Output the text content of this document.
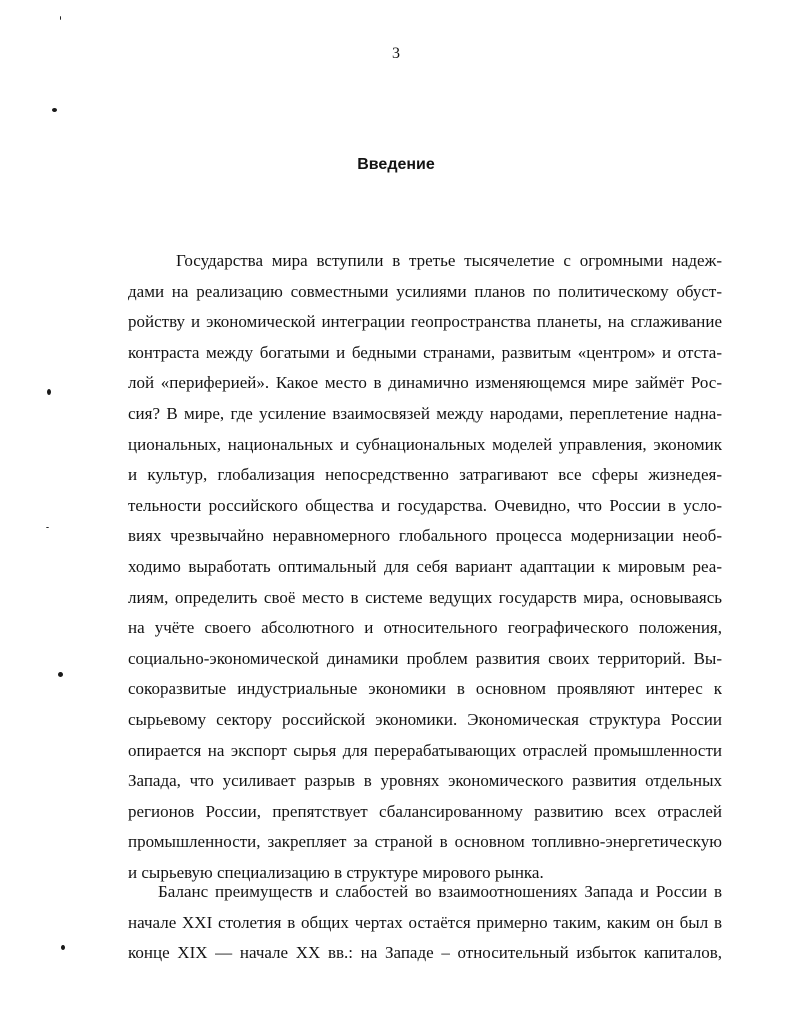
3
Введение
Государства мира вступили в третье тысячелетие с огромными надеж-
дами на реализацию совместными усилиями планов по политическому обуст-
ройству и экономической интеграции геопространства планеты, на сглаживание
контраста между богатыми и бедными странами, развитым «центром» и отста-
лой «периферией». Какое место в динамично изменяющемся мире займёт Рос-
сия? В мире, где усиление взаимосвязей между народами, переплетение надна-
циональных, национальных и субнациональных моделей управления, экономик
и культур, глобализация непосредственно затрагивают все сферы жизнедея-
тельности российского общества и государства. Очевидно, что России в усло-
виях чрезвычайно неравномерного глобального процесса модернизации необ-
ходимо выработать оптимальный для себя вариант адаптации к мировым реа-
лиям, определить своё место в системе ведущих государств мира, основываясь
на учёте своего абсолютного и относительного географического положения,
социально-экономической динамики проблем развития своих территорий. Вы-
сокоразвитые индустриальные экономики в основном проявляют интерес к
сырьевому сектору российской экономики. Экономическая структура России
опирается на экспорт сырья для перерабатывающих отраслей промышленности
Запада, что усиливает разрыв в уровнях экономического развития отдельных
регионов России, препятствует сбалансированному развитию всех отраслей
промышленности, закрепляет за страной в основном топливно-энергетическую
и сырьевую специализацию в структуре мирового рынка.
Баланс преимуществ и слабостей во взаимоотношениях Запада и России в
начале XXI столетия в общих чертах остаётся примерно таким, каким он был в
конце XIX — начале XX вв.: на Западе – относительный избыток капиталов,
